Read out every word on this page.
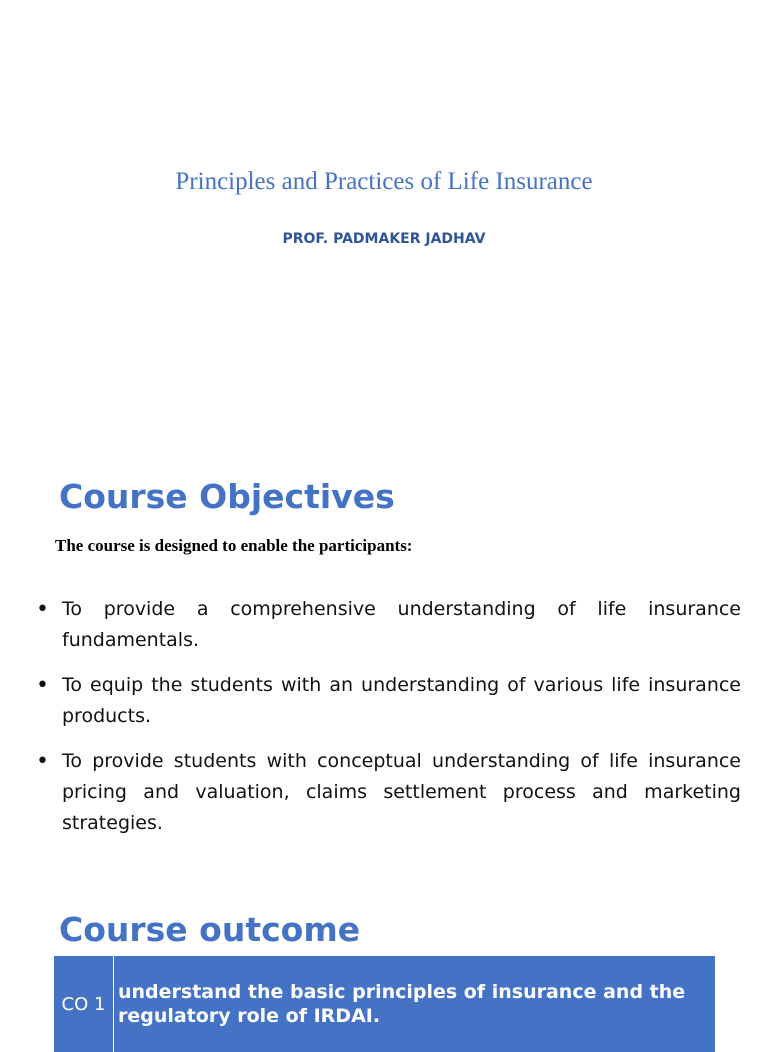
Principles and Practices of Life Insurance

PROF. PADMAKER JADHAV

Course Objectives

The course is designed to enable the participants:

• To provide a comprehensive understanding of life insurance fundamentals.
• To equip the students with an understanding of various life insurance products.
• To provide students with conceptual understanding of life insurance pricing and valuation, claims settlement process and marketing strategies.
Course outcome
CO 1	understand the basic principles of insurance and the regulatory role of IRDAI.
